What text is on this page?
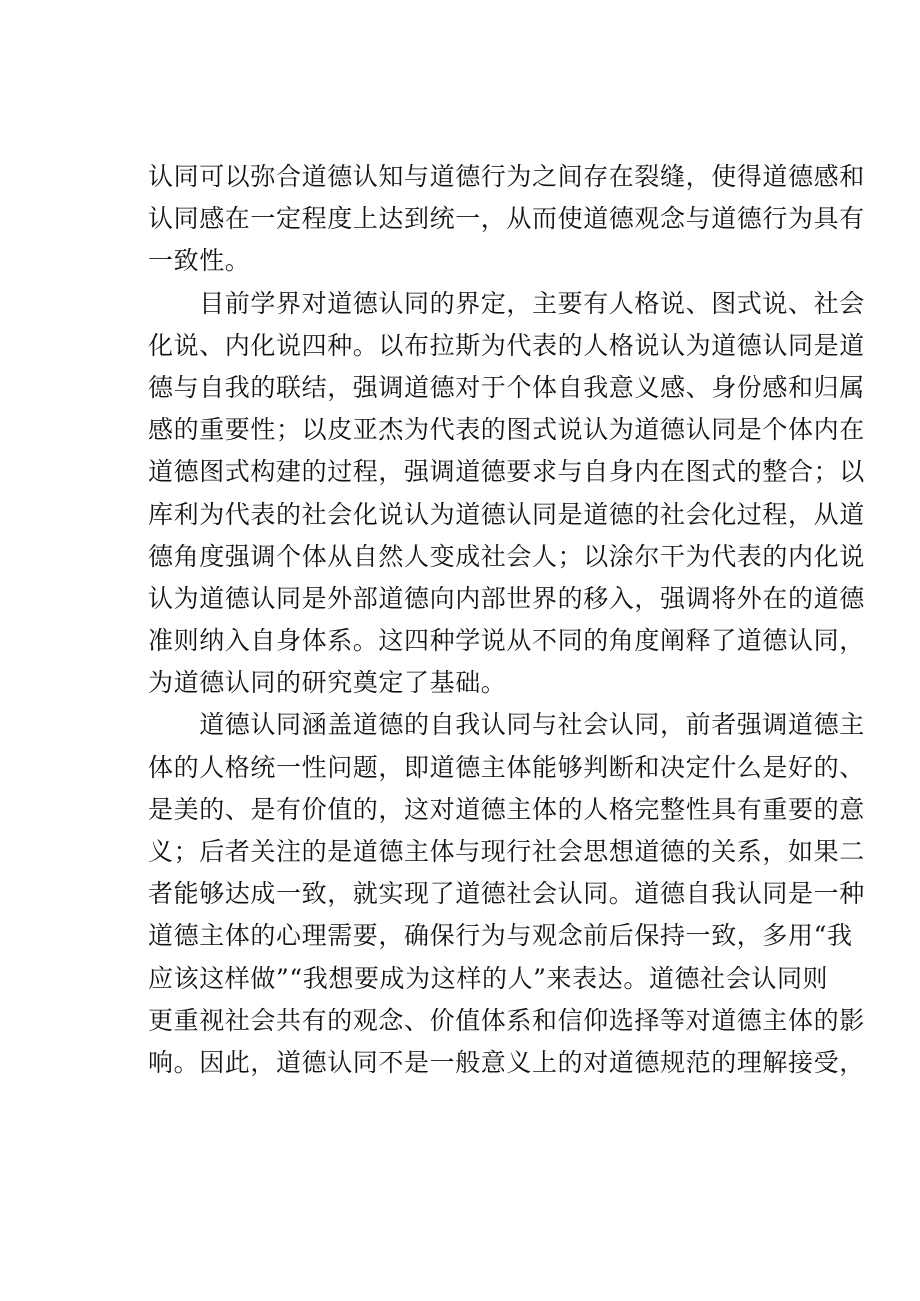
认同可以弥合道德认知与道德行为之间存在裂缝，使得道德感和
认同感在一定程度上达到统一，从而使道德观念与道德行为具有
一致性。
　　目前学界对道德认同的界定，主要有人格说、图式说、社会
化说、内化说四种。以布拉斯为代表的人格说认为道德认同是道
德与自我的联结，强调道德对于个体自我意义感、身份感和归属
感的重要性；以皮亚杰为代表的图式说认为道德认同是个体内在
道德图式构建的过程，强调道德要求与自身内在图式的整合；以
库利为代表的社会化说认为道德认同是道德的社会化过程，从道
德角度强调个体从自然人变成社会人；以涂尔干为代表的内化说
认为道德认同是外部道德向内部世界的移入，强调将外在的道德
准则纳入自身体系。这四种学说从不同的角度阐释了道德认同，
为道德认同的研究奠定了基础。
　　道德认同涵盖道德的自我认同与社会认同，前者强调道德主
体的人格统一性问题，即道德主体能够判断和决定什么是好的、
是美的、是有价值的，这对道德主体的人格完整性具有重要的意
义；后者关注的是道德主体与现行社会思想道德的关系，如果二
者能够达成一致，就实现了道德社会认同。道德自我认同是一种
道德主体的心理需要，确保行为与观念前后保持一致，多用“我
应该这样做”“我想要成为这样的人”来表达。道德社会认同则
更重视社会共有的观念、价值体系和信仰选择等对道德主体的影
响。因此，道德认同不是一般意义上的对道德规范的理解接受，
